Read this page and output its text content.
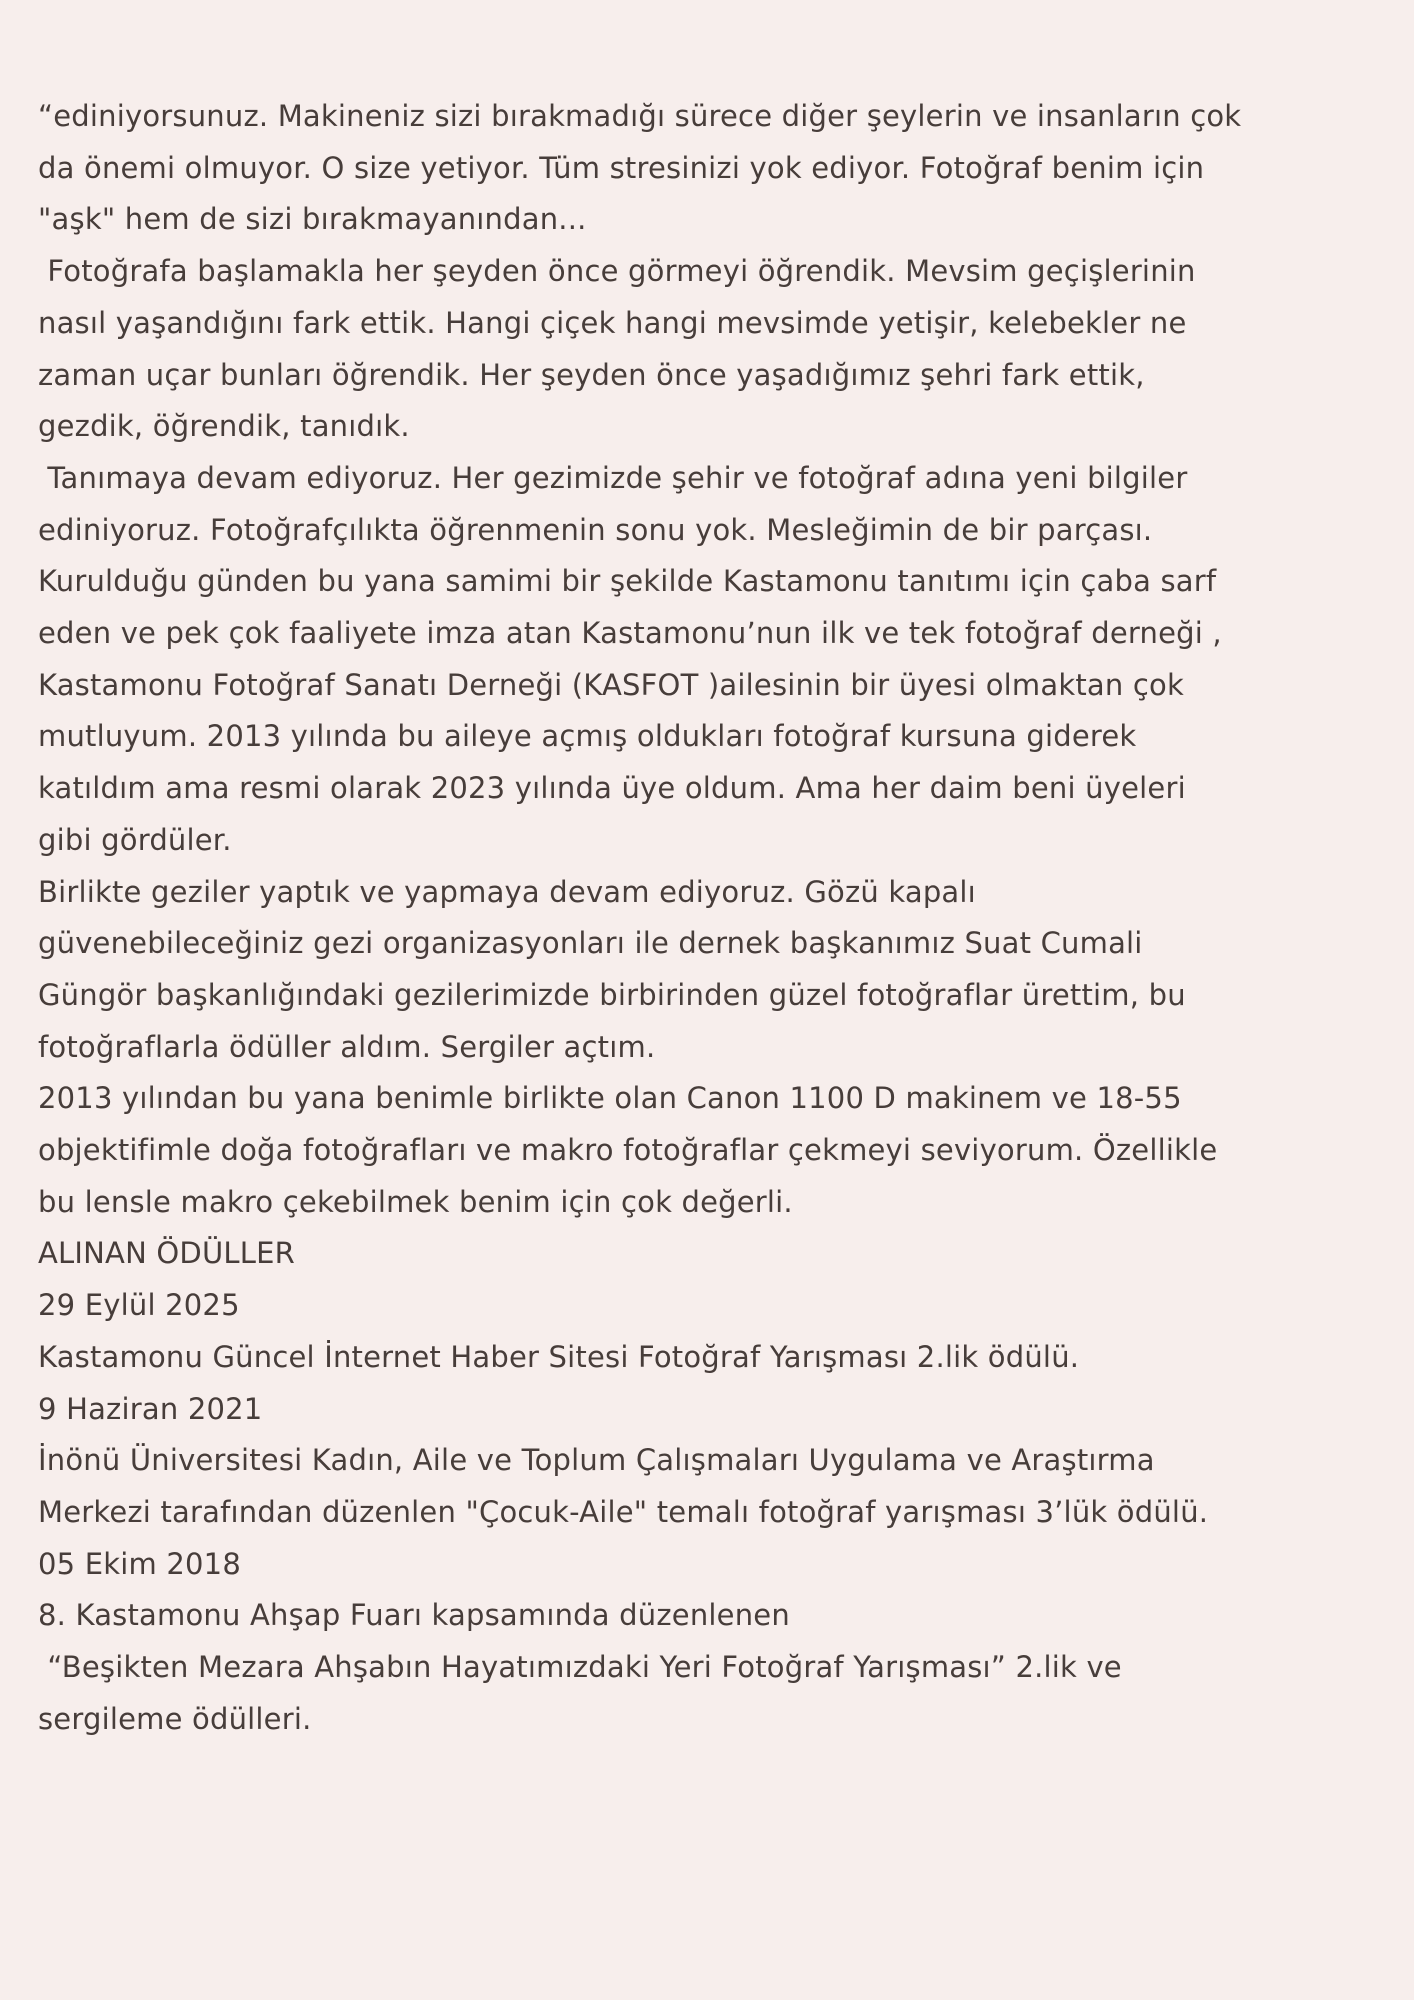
“ediniyorsunuz. Makineniz sizi bırakmadığı sürece diğer şeylerin ve insanların çok
da önemi olmuyor. O size yetiyor. Tüm stresinizi yok ediyor. Fotoğraf benim için
"aşk" hem de sizi bırakmayanından...
Fotoğrafa başlamakla her şeyden önce görmeyi öğrendik. Mevsim geçişlerinin
nasıl yaşandığını fark ettik. Hangi çiçek hangi mevsimde yetişir, kelebekler ne
zaman uçar bunları öğrendik. Her şeyden önce yaşadığımız şehri fark ettik,
gezdik, öğrendik, tanıdık.
Tanımaya devam ediyoruz. Her gezimizde şehir ve fotoğraf adına yeni bilgiler
ediniyoruz. Fotoğrafçılıkta öğrenmenin sonu yok. Mesleğimin de bir parçası.
Kurulduğu günden bu yana samimi bir şekilde Kastamonu tanıtımı için çaba sarf
eden ve pek çok faaliyete imza atan Kastamonu’nun ilk ve tek fotoğraf derneği ,
Kastamonu Fotoğraf Sanatı Derneği (KASFOT )ailesinin bir üyesi olmaktan çok
mutluyum. 2013 yılında bu aileye açmış oldukları fotoğraf kursuna giderek
katıldım ama resmi olarak 2023 yılında üye oldum. Ama her daim beni üyeleri
gibi gördüler.
Birlikte geziler yaptık ve yapmaya devam ediyoruz. Gözü kapalı
güvenebileceğiniz gezi organizasyonları ile dernek başkanımız Suat Cumali
Güngör başkanlığındaki gezilerimizde birbirinden güzel fotoğraflar ürettim, bu
fotoğraflarla ödüller aldım. Sergiler açtım.
2013 yılından bu yana benimle birlikte olan Canon 1100 D makinem ve 18-55
objektifimle doğa fotoğrafları ve makro fotoğraflar çekmeyi seviyorum. Özellikle
bu lensle makro çekebilmek benim için çok değerli.
ALINAN ÖDÜLLER
29 Eylül 2025
Kastamonu Güncel İnternet Haber Sitesi Fotoğraf Yarışması 2.lik ödülü.
9 Haziran 2021
İnönü Üniversitesi Kadın, Aile ve Toplum Çalışmaları Uygulama ve Araştırma
Merkezi tarafından düzenlen "Çocuk-Aile" temalı fotoğraf yarışması 3’lük ödülü.
05 Ekim 2018
8. Kastamonu Ahşap Fuarı kapsamında düzenlenen
“Beşikten Mezara Ahşabın Hayatımızdaki Yeri Fotoğraf Yarışması” 2.lik ve
sergileme ödülleri.
